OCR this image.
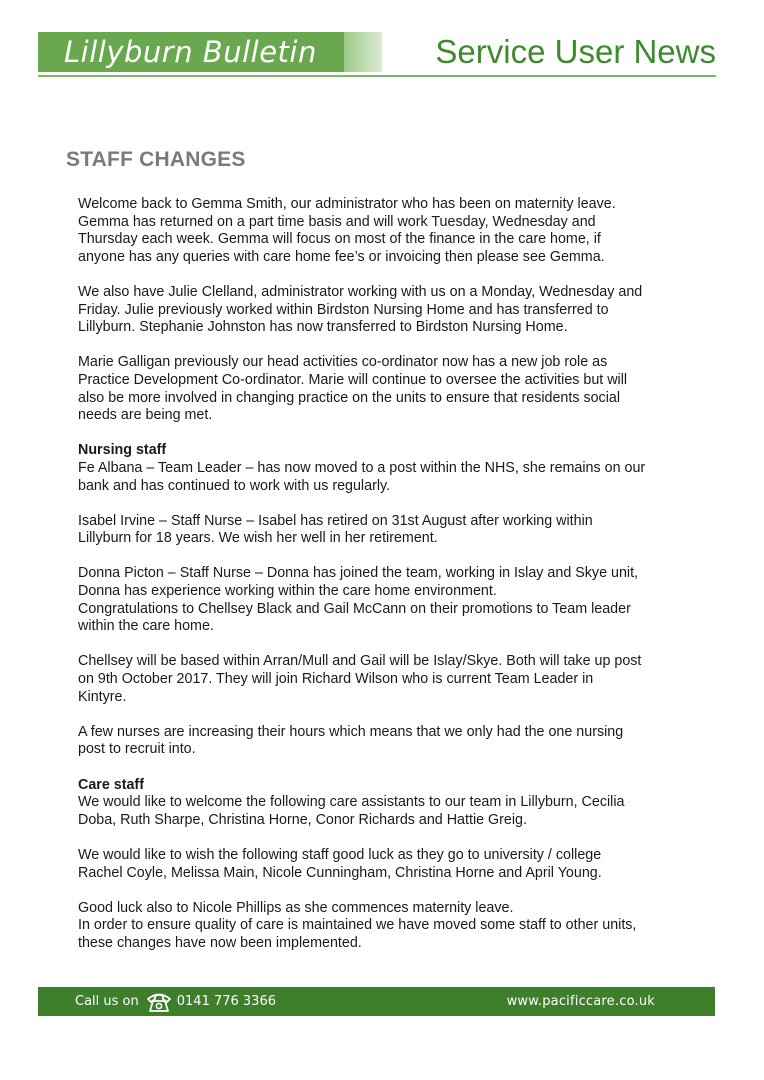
Lillyburn Bulletin	Service User News
STAFF CHANGES

Welcome back to Gemma Smith, our administrator who has been on maternity leave.
Gemma has returned on a part time basis and will work Tuesday, Wednesday and
Thursday each week. Gemma will focus on most of the finance in the care home, if
anyone has any queries with care home fee’s or invoicing then please see Gemma.

We also have Julie Clelland, administrator working with us on a Monday, Wednesday and
Friday. Julie previously worked within Birdston Nursing Home and has transferred to
Lillyburn. Stephanie Johnston has now transferred to Birdston Nursing Home.

Marie Galligan previously our head activities co-ordinator now has a new job role as
Practice Development Co-ordinator. Marie will continue to oversee the activities but will
also be more involved in changing practice on the units to ensure that residents social
needs are being met.

Nursing staff

Fe Albana – Team Leader – has now moved to a post within the NHS, she remains on our
bank and has continued to work with us regularly.

Isabel Irvine – Staff Nurse – Isabel has retired on 31st August after working within
Lillyburn for 18 years. We wish her well in her retirement.

Donna Picton – Staff Nurse – Donna has joined the team, working in Islay and Skye unit,
Donna has experience working within the care home environment.

Congratulations to Chellsey Black and Gail McCann on their promotions to Team leader
within the care home.

Chellsey will be based within Arran/Mull and Gail will be Islay/Skye. Both will take up post
on 9th October 2017. They will join Richard Wilson who is current Team Leader in
Kintyre.

A few nurses are increasing their hours which means that we only had the one nursing
post to recruit into.

Care staff

We would like to welcome the following care assistants to our team in Lillyburn, Cecilia
Doba, Ruth Sharpe, Christina Horne, Conor Richards and Hattie Greig.

We would like to wish the following staff good luck as they go to university / college
Rachel Coyle, Melissa Main, Nicole Cunningham, Christina Horne and April Young.

Good luck also to Nicole Phillips as she commences maternity leave.

In order to ensure quality of care is maintained we have moved some staff to other units,
these changes have now been implemented.

Call us on	0141 776 3366	www.pacificcare.co.uk
